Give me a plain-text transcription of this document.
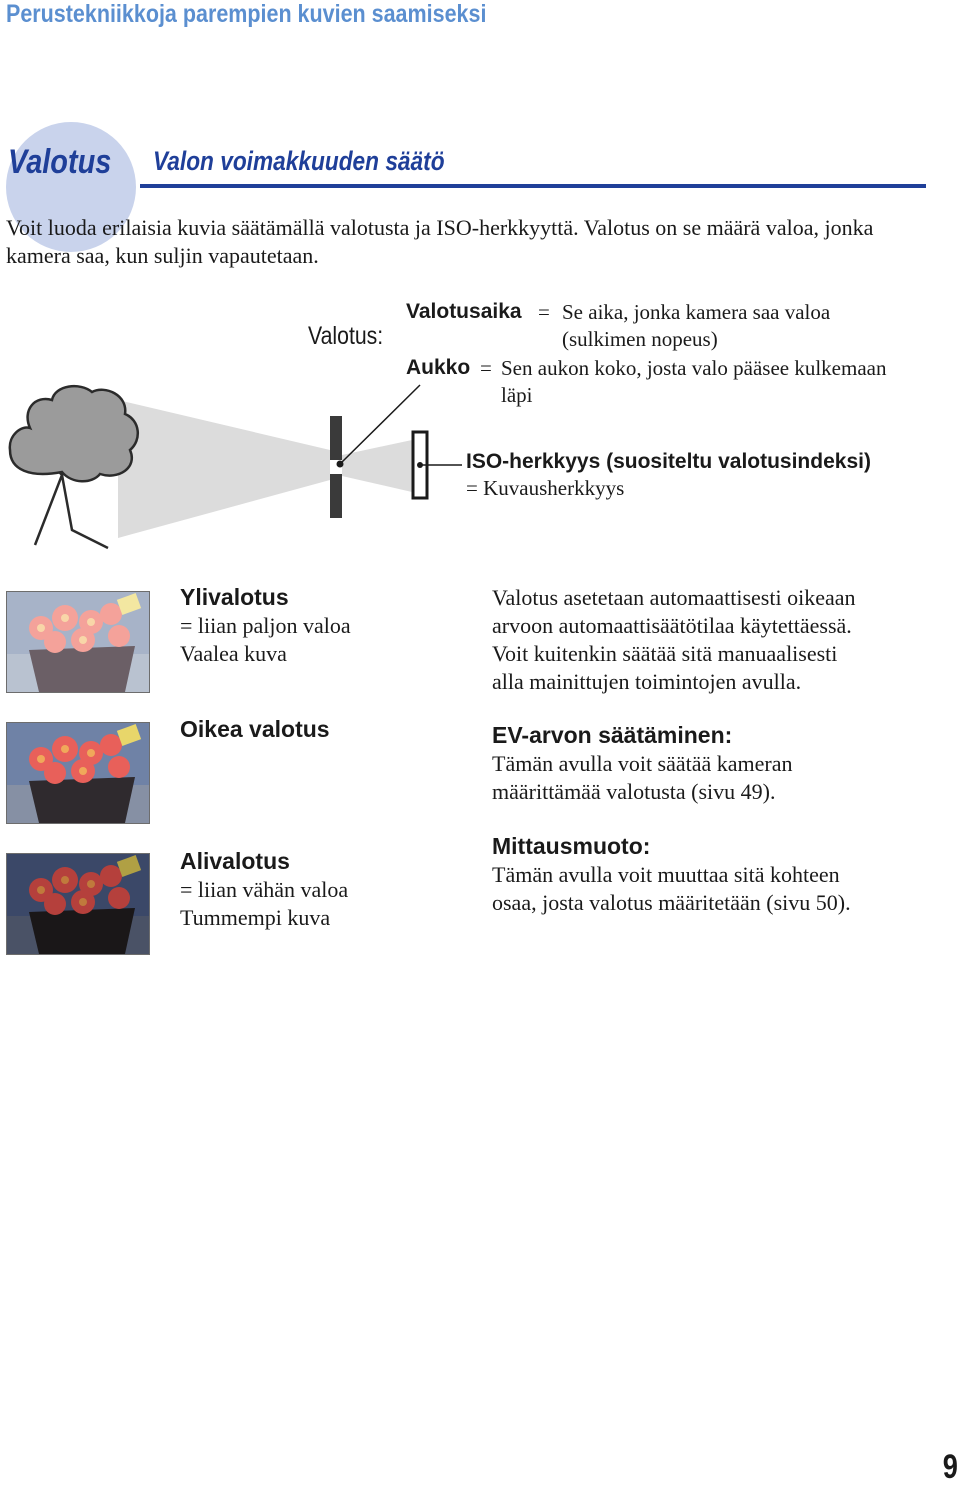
Perustekniikkoja parempien kuvien saamiseksi
Valotus Valon voimakkuuden säätö
Voit luoda erilaisia kuvia säätämällä valotusta ja ISO-herkkyyttä. Valotus on se määrä valoa, jonka kamera saa, kun suljin vapautetaan.
Valotus:
Valotusaika = Se aika, jonka kamera saa valoa
(sulkimen nopeus)
Aukko = Sen aukon koko, josta valo pääsee kulkemaan
läpi
ISO-herkkyys (suositeltu valotusindeksi)
= Kuvausherkkyys
Ylivalotus
= liian paljon valoa
Vaalea kuva
Oikea valotus
Alivalotus
= liian vähän valoa
Tummempi kuva
Valotus asetetaan automaattisesti oikeaan
arvoon automaattisäätötilaa käytettäessä.
Voit kuitenkin säätää sitä manuaalisesti
alla mainittujen toimintojen avulla.
EV-arvon säätäminen:
Tämän avulla voit säätää kameran
määrittämää valotusta (sivu 49).
Mittausmuoto:
Tämän avulla voit muuttaa sitä kohteen
osaa, josta valotus määritetään (sivu 50).
9
